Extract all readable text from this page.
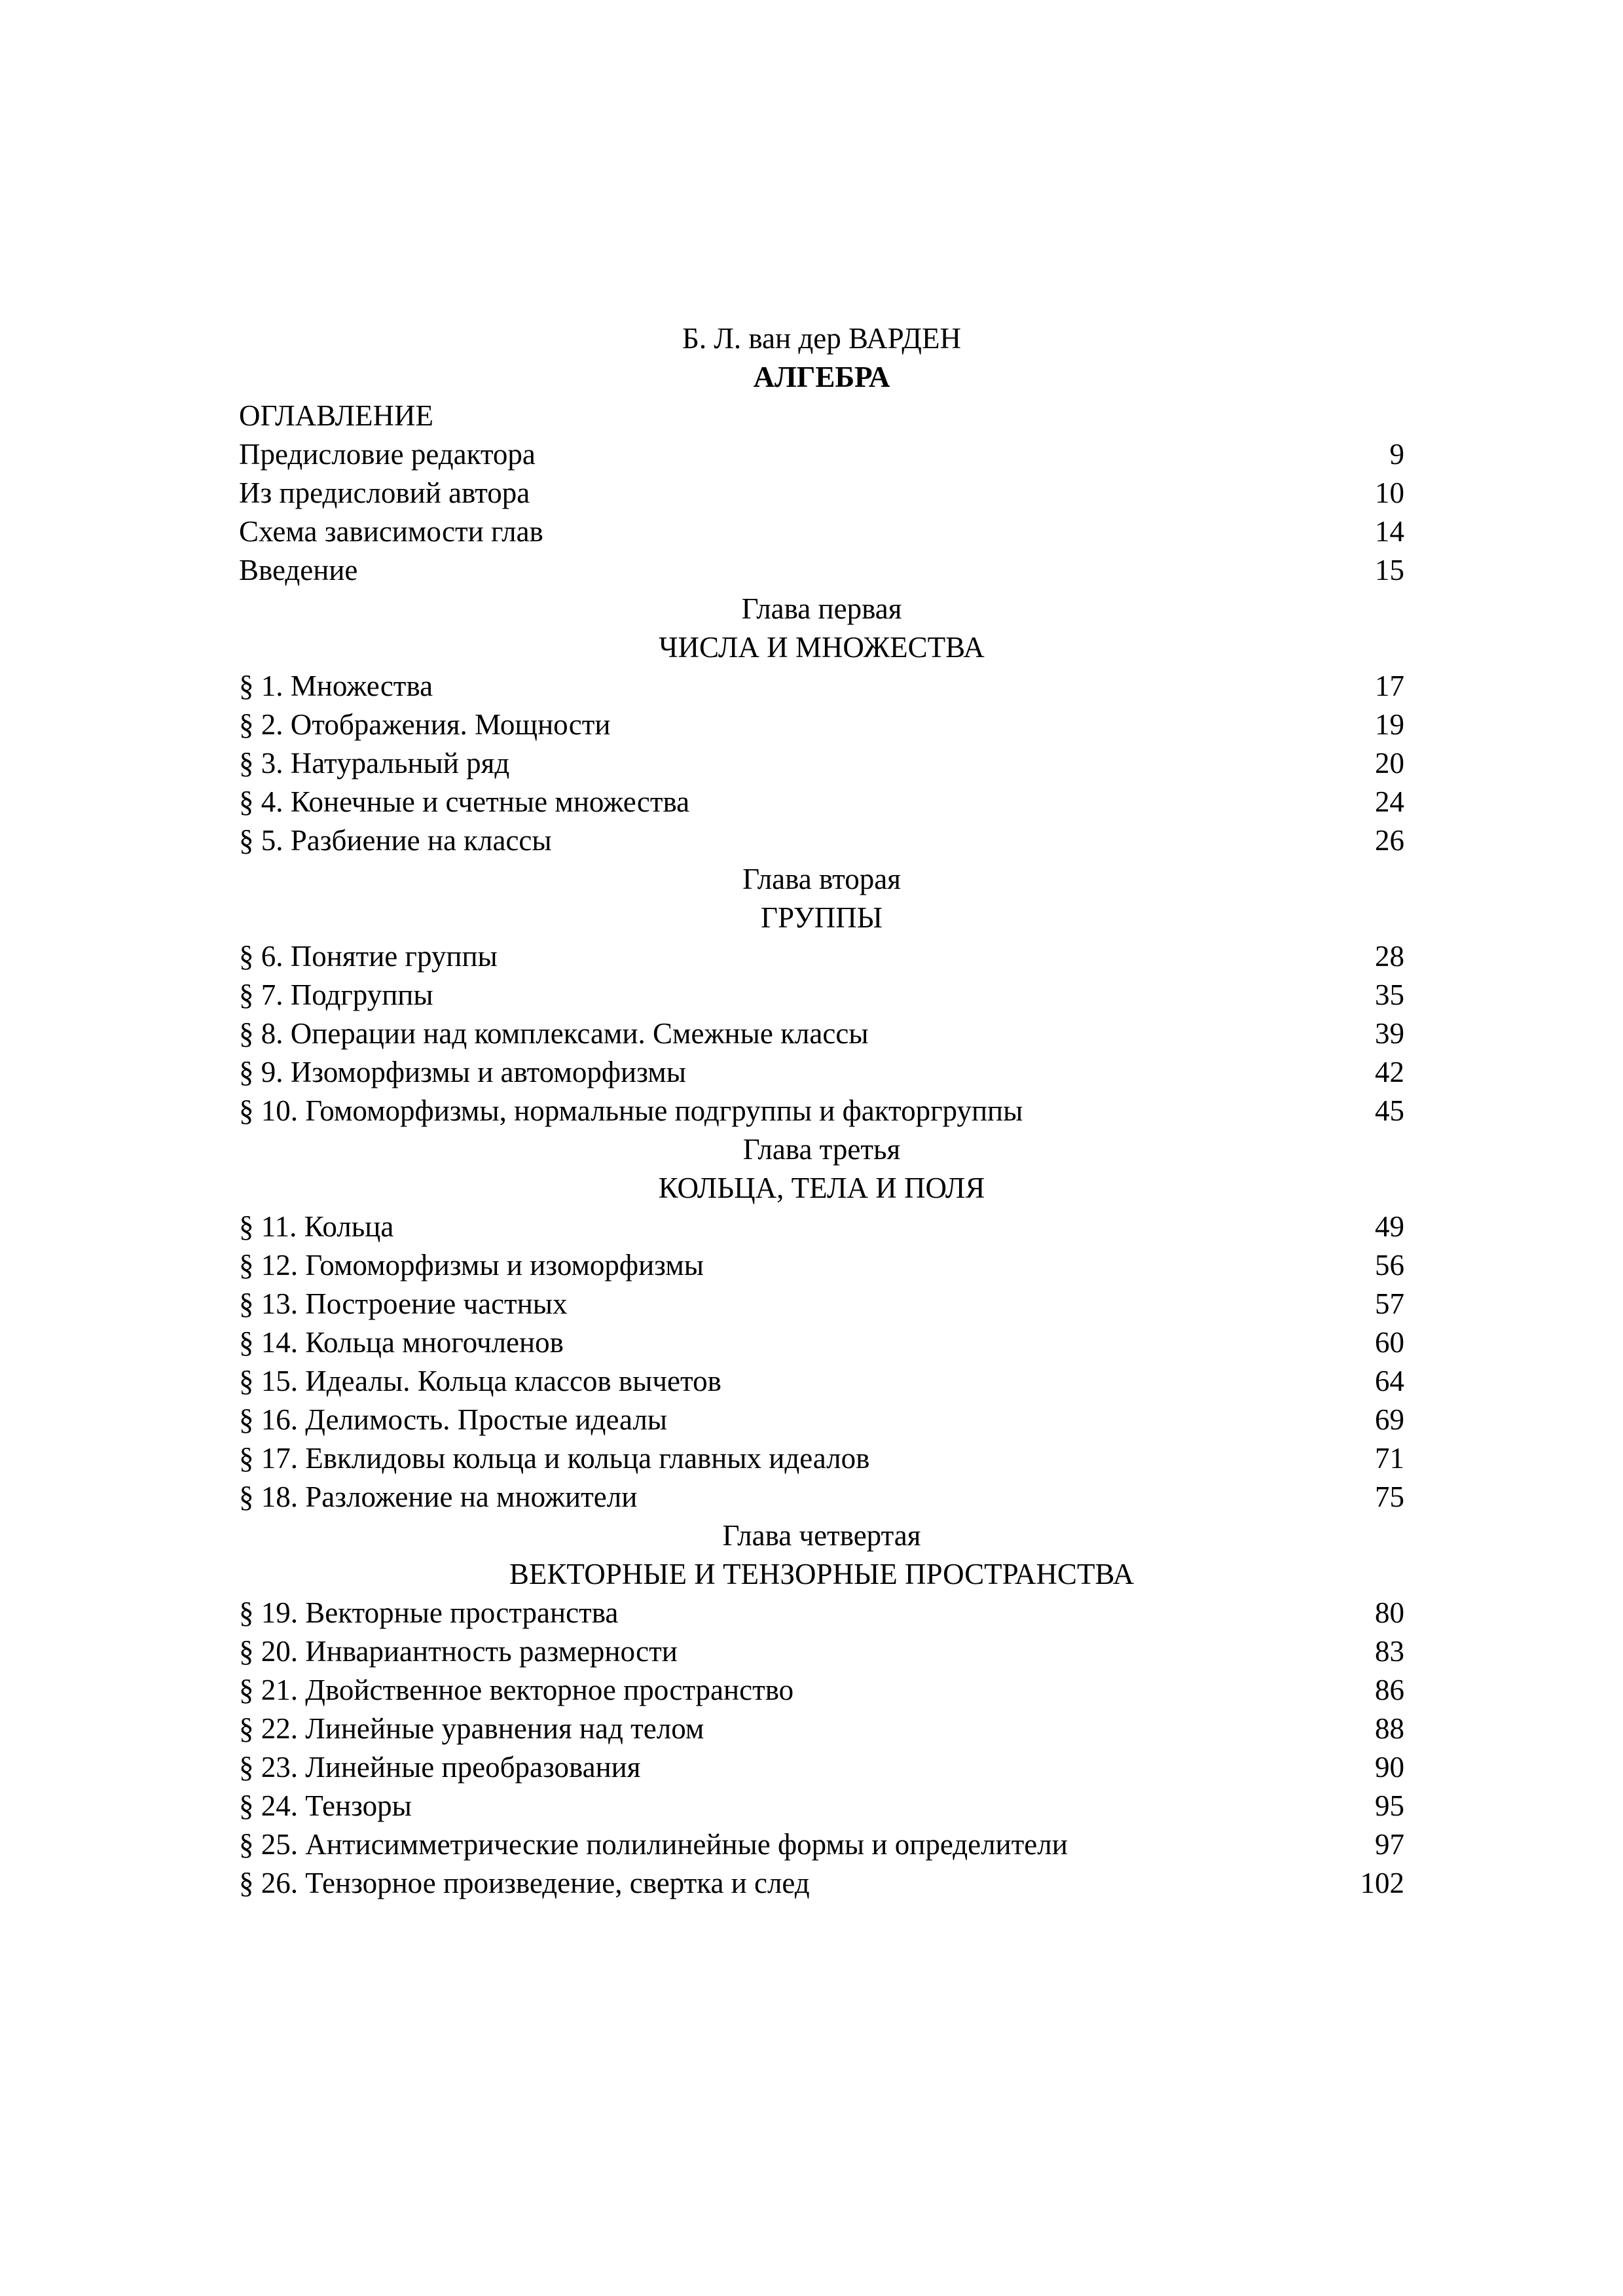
Б. Л. ван дер ВАРДЕН
АЛГЕБРА
ОГЛАВЛЕНИЕ
Предисловие редактора	9
Из предисловий автора	10
Схема зависимости глав	14
Введение	15
Глава первая
ЧИСЛА И МНОЖЕСТВА
§ 1. Множества	17
§ 2. Отображения. Мощности	19
§ 3. Натуральный ряд	20
§ 4. Конечные и счетные множества	24
§ 5. Разбиение на классы	26
Глава вторая
ГРУППЫ
§ 6. Понятие группы	28
§ 7. Подгруппы	35
§ 8. Операции над комплексами. Смежные классы	39
§ 9. Изоморфизмы и автоморфизмы	42
§ 10. Гомоморфизмы, нормальные подгруппы и факторгруппы	45
Глава третья
КОЛЬЦА, ТЕЛА И ПОЛЯ
§ 11. Кольца	49
§ 12. Гомоморфизмы и изоморфизмы	56
§ 13. Построение частных	57
§ 14. Кольца многочленов	60
§ 15. Идеалы. Кольца классов вычетов	64
§ 16. Делимость. Простые идеалы	69
§ 17. Евклидовы кольца и кольца главных идеалов	71
§ 18. Разложение на множители	75
Глава четвертая
ВЕКТОРНЫЕ И ТЕНЗОРНЫЕ ПРОСТРАНСТВА
§ 19. Векторные пространства	80
§ 20. Инвариантность размерности	83
§ 21. Двойственное векторное пространство	86
§ 22. Линейные уравнения над телом	88
§ 23. Линейные преобразования	90
§ 24. Тензоры	95
§ 25. Антисимметрические полилинейные формы и определители	97
§ 26. Тензорное произведение, свертка и след	102
